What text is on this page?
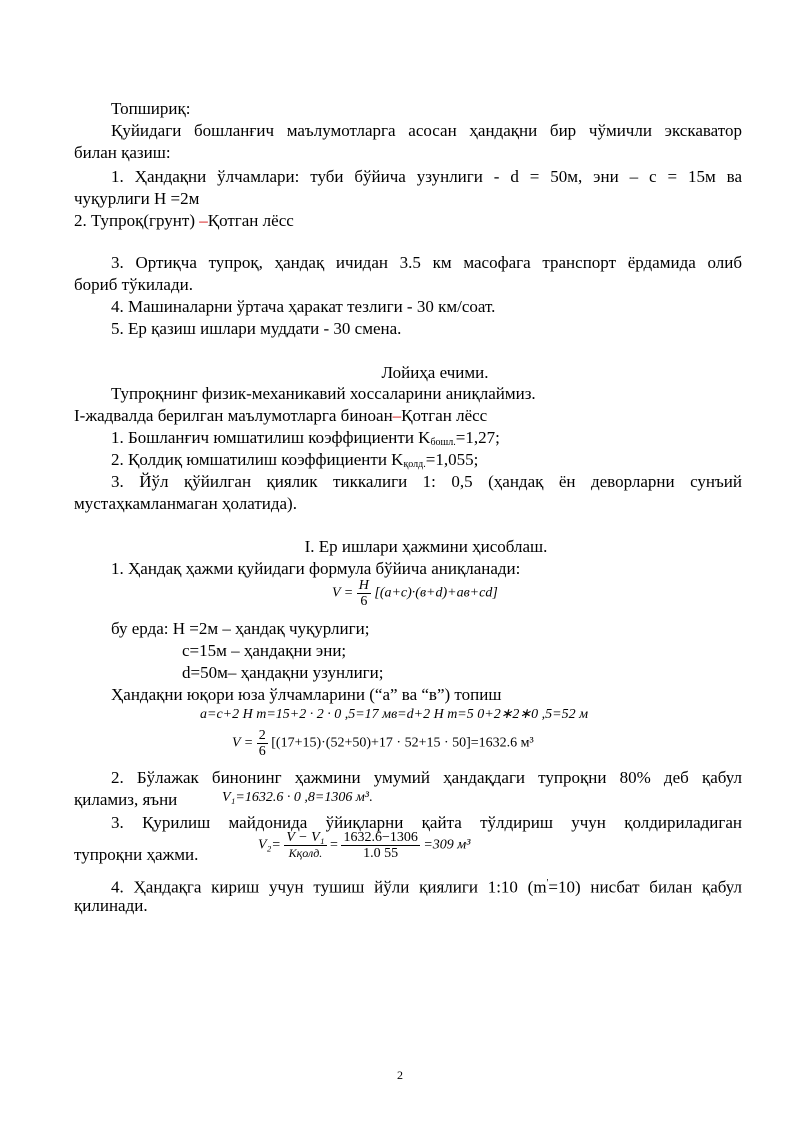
Топшириқ:
Қуйидаги бошланғич маълумотларга асосан ҳандақни бир чўмичли экскаватор
билан қазиш:
1. Ҳандақни ўлчамлари: туби бўйича узунлиги - d = 50м, эни – c = 15м ва
чуқурлиги H =2м
2. Тупроқ(грунт) –Қотган лёсс
3. Ортиқча тупроқ, ҳандақ ичидан 3.5 км масофага транспорт ёрдамида олиб
бориб тўкилади.
4. Машиналарни ўртача ҳаракат тезлиги - 30 км/соат.
5. Ер қазиш ишлари муддати - 30 смена.
Лойиҳа ечими.
Тупроқнинг физик-механикавий хоссаларини аниқлаймиз.
I-жадвалда берилган маълумотларга биноан–Қотган лёсс
1. Бошланғич юмшатилиш коэффициенти $K_{бошл.}=1,27$;
2. Қолдиқ юмшатилиш коэффициенти $K_{қолд.}=1,055$;
3. Йўл қўйилган қиялик тиккалиги 1: 0,5 (ҳандақ ён деворларни сунъий
мустаҳкамланмаган ҳолатида).
I. Ер ишлари ҳажмини ҳисоблаш.
1. Ҳандақ ҳажми қуйидаги формула бўйича аниқланади:
$V = \frac{H}{6} [(a+c)\cdot(в+d)+aв+cd]$
бу ерда: H =2м – ҳандақ чуқурлиги;
c=15м – ҳандақни эни;
d=50м– ҳандақни узунлиги;
Ҳандақни юқори юза ўлчамларини (“а” ва “в”) топиш
a=c+2 H m=15+2 · 2 · 0 ,5=17 мв=d+2 H m=5 0+2∗2∗0 ,5=52 м
$V = \frac{2}{6} [(17+15)\cdot(52+50)+17 \cdot 52+15 \cdot 50]=1632.6$ м³
2. Бўлажак бинонинг ҳажмини умумий ҳандақдаги тупроқни 80% деб қабул
қиламиз, яъни	V₁=1632.6 · 0 ,8=1306 м³.
3. Қурилиш майдонида ўйиқларни қайта тўлдириш учун қолдириладиган
тупроқни ҳажми.	$V_2= \frac{\text{V − V₁}}{\text{Kқолд.}} = \frac{1632.6-1306}{1.0 55} =309$ м³
4. Ҳандақга кириш учун тушиш йўли қиялиги 1:10 (m'=10) нисбат билан қабул
қилинади.
2
